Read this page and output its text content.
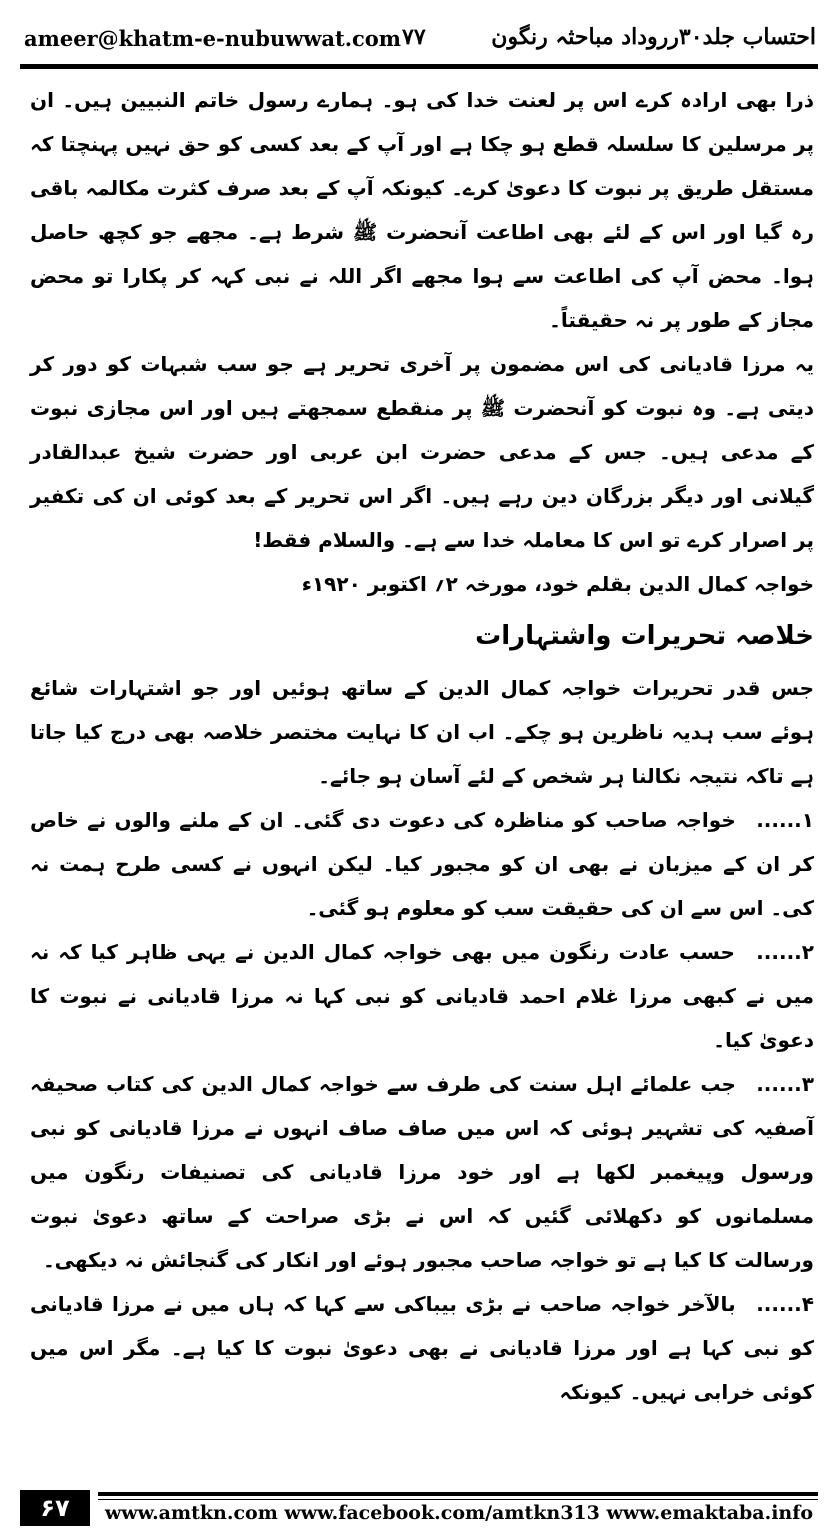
ameer@khatm-e-nubuwwat.com ۷۷	احتساب جلد۳۰رروداد مباحثہ رنگون

ذرا بھی ارادہ کرے اس پر لعنت خدا کی ہو۔ ہمارے رسول خاتم النبیین ہیں۔ ان پر مرسلین کا سلسلہ قطع ہو چکا ہے اور آپ کے بعد کسی کو حق نہیں پہنچتا کہ مستقل طریق پر نبوت کا دعویٰ کرے۔ کیونکہ آپ کے بعد صرف کثرت مکالمہ باقی رہ گیا اور اس کے لئے بھی اطاعت آنحضرت ﷺ شرط ہے۔ مجھے جو کچھ حاصل ہوا۔ محض آپ کی اطاعت سے ہوا مجھے اگر اللہ نے نبی کہہ کر پکارا تو محض مجاز کے طور پر نہ حقیقتاً۔

یہ مرزا قادیانی کی اس مضمون پر آخری تحریر ہے جو سب شبہات کو دور کر دیتی ہے۔ وہ نبوت کو آنحضرت ﷺ پر منقطع سمجھتے ہیں اور اس مجازی نبوت کے مدعی ہیں۔ جس کے مدعی حضرت ابن عربی اور حضرت شیخ عبدالقادر گیلانی اور دیگر بزرگان دین رہے ہیں۔ اگر اس تحریر کے بعد کوئی ان کی تکفیر پر اصرار کرے تو اس کا معاملہ خدا سے ہے۔ والسلام فقط!

خواجہ کمال الدین بقلم خود، مورخہ ۲؍ اکتوبر ۱۹۲۰ء

خلاصہ تحریرات واشتہارات

جس قدر تحریرات خواجہ کمال الدین کے ساتھ ہوئیں اور جو اشتہارات شائع ہوئے سب ہدیہ ناظرین ہو چکے۔ اب ان کا نہایت مختصر خلاصہ بھی درج کیا جاتا ہے تاکہ نتیجہ نکالنا ہر شخص کے لئے آسان ہو جائے۔

۱...... خواجہ صاحب کو مناظرہ کی دعوت دی گئی۔ ان کے ملنے والوں نے خاص کر ان کے میزبان نے بھی ان کو مجبور کیا۔ لیکن انہوں نے کسی طرح ہمت نہ کی۔ اس سے ان کی حقیقت سب کو معلوم ہو گئی۔

۲...... حسب عادت رنگون میں بھی خواجہ کمال الدین نے یہی ظاہر کیا کہ نہ میں نے کبھی مرزا غلام احمد قادیانی کو نبی کہا نہ مرزا قادیانی نے نبوت کا دعویٰ کیا۔

۳...... جب علمائے اہل سنت کی طرف سے خواجہ کمال الدین کی کتاب صحیفہ آصفیہ کی تشہیر ہوئی کہ اس میں صاف صاف انہوں نے مرزا قادیانی کو نبی ورسول وپیغمبر لکھا ہے اور خود مرزا قادیانی کی تصنیفات رنگون میں مسلمانوں کو دکھلائی گئیں کہ اس نے بڑی صراحت کے ساتھ دعویٰ نبوت ورسالت کا کیا ہے تو خواجہ صاحب مجبور ہوئے اور انکار کی گنجائش نہ دیکھی۔

۴...... بالآخر خواجہ صاحب نے بڑی بیباکی سے کہا کہ ہاں میں نے مرزا قادیانی کو نبی کہا ہے اور مرزا قادیانی نے بھی دعویٰ نبوت کا کیا ہے۔ مگر اس میں کوئی خرابی نہیں۔ کیونکہ

۶۷	www.amtkn.com www.facebook.com/amtkn313 www.emaktaba.info
